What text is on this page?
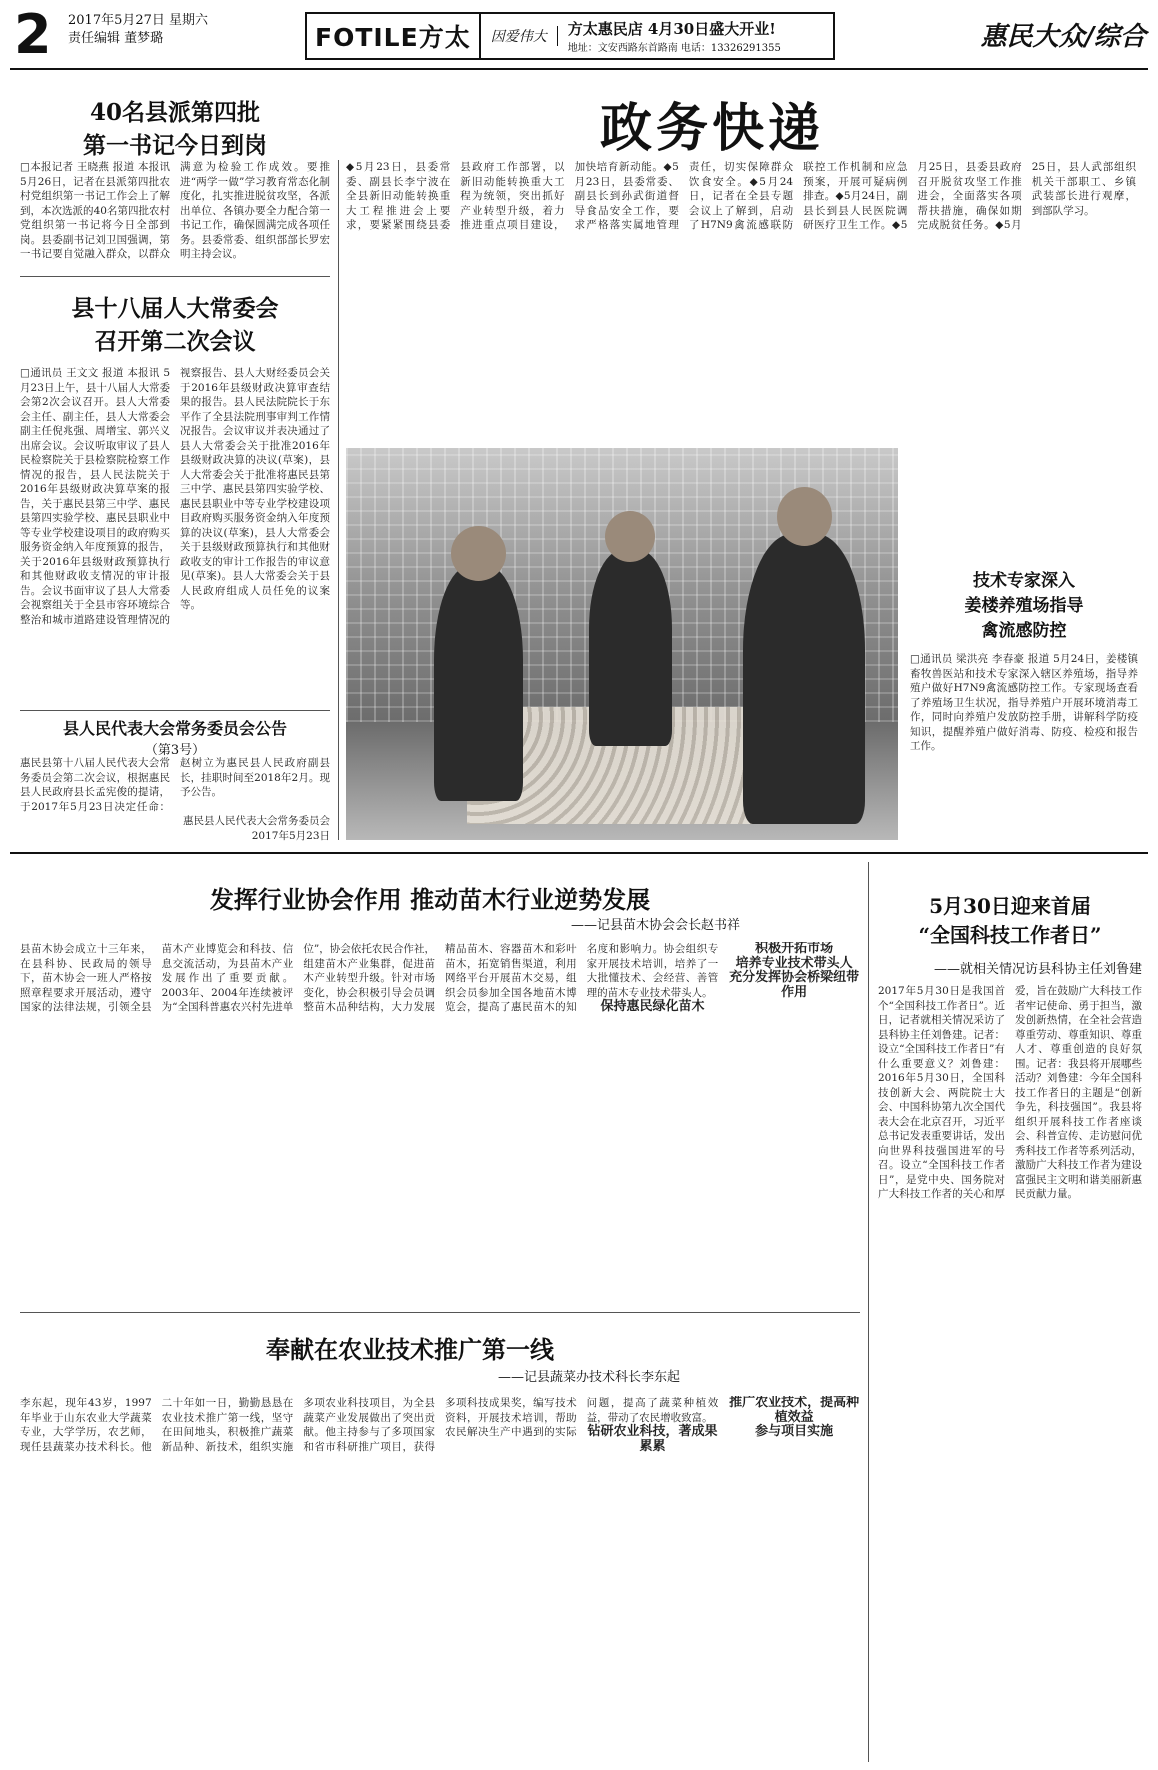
2 2017年5月27日 星期六
责任编辑 董梦璐	FOTILE方太	因爱伟大	方太惠民店 4月30日盛大开业!
地址：文安西路东首路南 电话：13326291355	惠民大众/综合
政务快递
40名县派第四批
第一书记今日到岗
□本报记者 王晓燕 报道 本报讯 5月26日，记者在县派第四批农村党组织第一书记工作会上了解到，本次选派的40名第四批农村党组织第一书记将今日全部到岗。县委副书记刘卫国强调，第一书记要自觉融入群众，以群众满意为检验工作成效。要推进“两学一做”学习教育常态化制度化，扎实推进脱贫攻坚，各派出单位、各镇办要全力配合第一书记工作，确保圆满完成各项任务。县委常委、组织部部长罗宏明主持会议。
县十八届人大常委会
召开第二次会议
□通讯员 王文文 报道 本报讯 5月23日上午，县十八届人大常委会第2次会议召开。县人大常委会主任、副主任，县人大常委会副主任倪兆强、周增宝、郭兴义出席会议。会议听取审议了县人民检察院关于县检察院检察工作情况的报告，县人民法院关于2016年县级财政决算草案的报告，关于惠民县第三中学、惠民县第四实验学校、惠民县职业中等专业学校建设项目的政府购买服务资金纳入年度预算的报告，关于2016年县级财政预算执行和其他财政收支情况的审计报告。会议书面审议了县人大常委会视察组关于全县市容环境综合整治和城市道路建设管理情况的视察报告、县人大财经委员会关于2016年县级财政决算审查结果的报告。县人民法院院长于东平作了全县法院刑事审判工作情况报告。会议审议并表决通过了县人大常委会关于批准2016年县级财政决算的决议(草案)，县人大常委会关于批准将惠民县第三中学、惠民县第四实验学校、惠民县职业中等专业学校建设项目政府购买服务资金纳入年度预算的决议(草案)，县人大常委会关于县级财政预算执行和其他财政收支的审计工作报告的审议意见(草案)。县人大常委会关于县人民政府组成人员任免的议案等。
县人民代表大会常务委员会公告
（第3号）
惠民县第十八届人民代表大会常务委员会第二次会议，根据惠民县人民政府县长孟宪俊的提请，于2017年5月23日决定任命：赵树立为惠民县人民政府副县长，挂职时间至2018年2月。现予公告。
惠民县人民代表大会常务委员会
2017年5月23日
◆5月23日，县委常委、副县长李宁波在全县新旧动能转换重大工程推进会上要求，要紧紧围绕县委县政府工作部署，以新旧动能转换重大工程为统领，突出抓好产业转型升级，着力推进重点项目建设，加快培育新动能。◆5月23日，县委常委、副县长到孙武街道督导食品安全工作，要求严格落实属地管理责任，切实保障群众饮食安全。◆5月24日，记者在全县专题会议上了解到，启动了H7N9禽流感联防联控工作机制和应急预案，开展可疑病例排查。◆5月24日，副县长到县人民医院调研医疗卫生工作。◆5月25日，县委县政府召开脱贫攻坚工作推进会，全面落实各项帮扶措施，确保如期完成脱贫任务。◆5月25日，县人武部组织机关干部职工、乡镇武装部长进行观摩，到部队学习。
技术专家深入
姜楼养殖场指导
禽流感防控
□通讯员 梁洪亮 李春豪 报道 5月24日，姜楼镇畜牧兽医站和技术专家深入辖区养殖场，指导养殖户做好H7N9禽流感防控工作。专家现场查看了养殖场卫生状况，指导养殖户开展环境消毒工作，同时向养殖户发放防控手册，讲解科学防疫知识，提醒养殖户做好消毒、防疫、检疫和报告工作。
发挥行业协会作用 推动苗木行业逆势发展
——记县苗木协会会长赵书祥
县苗木协会成立十三年来，在县科协、民政局的领导下，苗木协会一班人严格按照章程要求开展活动，遵守国家的法律法规，引领全县苗木产业博览会和科技、信息交流活动，为县苗木产业发展作出了重要贡献。2003年、2004年连续被评为“全国科普惠农兴村先进单位”，协会依托农民合作社，组建苗木产业集群，促进苗木产业转型升级。针对市场变化，协会积极引导会员调整苗木品种结构，大力发展精品苗木、容器苗木和彩叶苗木，拓宽销售渠道，利用网络平台开展苗木交易，组织会员参加全国各地苗木博览会，提高了惠民苗木的知名度和影响力。协会组织专家开展技术培训，培养了一大批懂技术、会经营、善管理的苗木专业技术带头人。
保持惠民绿化苗木
积极开拓市场
培养专业技术带头人
充分发挥协会桥梁纽带作用
奉献在农业技术推广第一线
——记县蔬菜办技术科长李东起
李东起，现年43岁，1997年毕业于山东农业大学蔬菜专业，大学学历，农艺师，现任县蔬菜办技术科长。他二十年如一日，勤勤恳恳在农业技术推广第一线，坚守在田间地头，积极推广蔬菜新品种、新技术，组织实施多项农业科技项目，为全县蔬菜产业发展做出了突出贡献。他主持参与了多项国家和省市科研推广项目，获得多项科技成果奖，编写技术资料，开展技术培训，帮助农民解决生产中遇到的实际问题，提高了蔬菜种植效益，带动了农民增收致富。
钻研农业科技，著成果累累
推广农业技术，提高种植效益
参与项目实施
5月30日迎来首届
“全国科技工作者日”
——就相关情况访县科协主任刘鲁建
2017年5月30日是我国首个“全国科技工作者日”。近日，记者就相关情况采访了县科协主任刘鲁建。记者：设立“全国科技工作者日”有什么重要意义？刘鲁建：2016年5月30日，全国科技创新大会、两院院士大会、中国科协第九次全国代表大会在北京召开，习近平总书记发表重要讲话，发出向世界科技强国进军的号召。设立“全国科技工作者日”，是党中央、国务院对广大科技工作者的关心和厚爱，旨在鼓励广大科技工作者牢记使命、勇于担当，激发创新热情，在全社会营造尊重劳动、尊重知识、尊重人才、尊重创造的良好氛围。记者：我县将开展哪些活动？刘鲁建：今年全国科技工作者日的主题是“创新争先，科技强国”。我县将组织开展科技工作者座谈会、科普宣传、走访慰问优秀科技工作者等系列活动，激励广大科技工作者为建设富强民主文明和谐美丽新惠民贡献力量。
